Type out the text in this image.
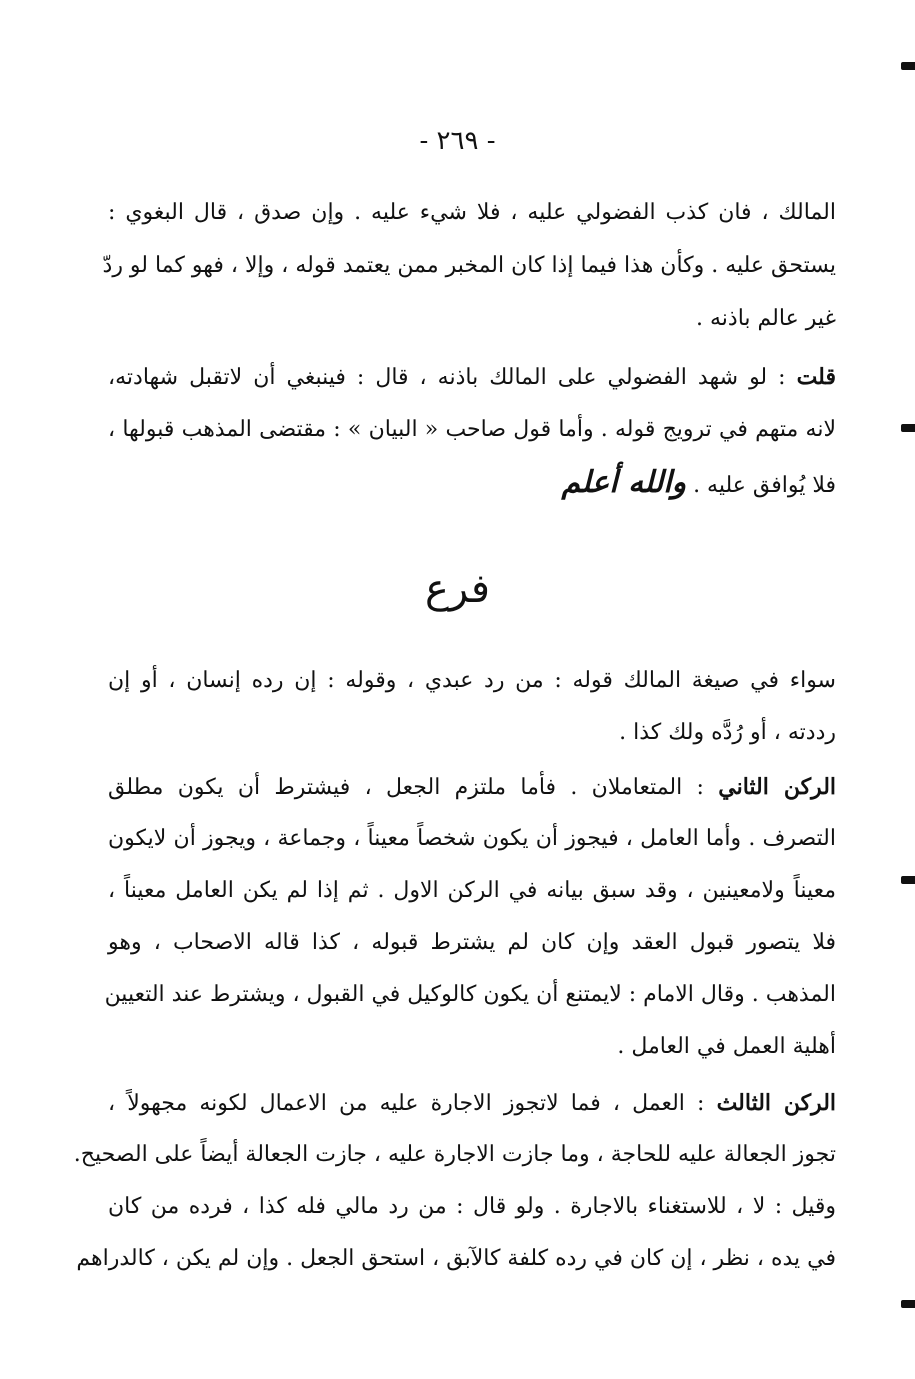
- ٢٦٩ -
المالك ، فان كذب الفضولي عليه ، فلا شيء عليه . وإن صدق ، قال البغوي :
يستحق عليه . وكأن هذا فيما إذا كان المخبر ممن يعتمد قوله ، وإلا ، فهو كما لو ردّ
غير عالم باذنه .
قلت : لو شهد الفضولي على المالك باذنه ، قال : فينبغي أن لاتقبل شهادته،
لانه متهم في ترويج قوله . وأما قول صاحب « البيان » : مقتضى المذهب قبولها ،
فلا يُوافق عليه . والله أعلم
فرع
سواء في صيغة المالك قوله : من رد عبدي ، وقوله : إن رده إنسان ، أو إن
رددته ، أو رُدَّه ولك كذا .
الركن الثاني : المتعاملان . فأما ملتزم الجعل ، فيشترط أن يكون مطلق
التصرف . وأما العامل ، فيجوز أن يكون شخصاً معيناً ، وجماعة ، ويجوز أن لايكون
معيناً ولامعينين ، وقد سبق بيانه في الركن الاول . ثم إذا لم يكن العامل معيناً ،
فلا يتصور قبول العقد وإن كان لم يشترط قبوله ، كذا قاله الاصحاب ، وهو
المذهب . وقال الامام : لايمتنع أن يكون كالوكيل في القبول ، ويشترط عند التعيين
أهلية العمل في العامل .
الركن الثالث : العمل ، فما لاتجوز الاجارة عليه من الاعمال لكونه مجهولاً ،
تجوز الجعالة عليه للحاجة ، وما جازت الاجارة عليه ، جازت الجعالة أيضاً على الصحيح.
وقيل : لا ، للاستغناء بالاجارة . ولو قال : من رد مالي فله كذا ، فرده من كان
في يده ، نظر ، إن كان في رده كلفة كالآبق ، استحق الجعل . وإن لم يكن ، كالدراهم
